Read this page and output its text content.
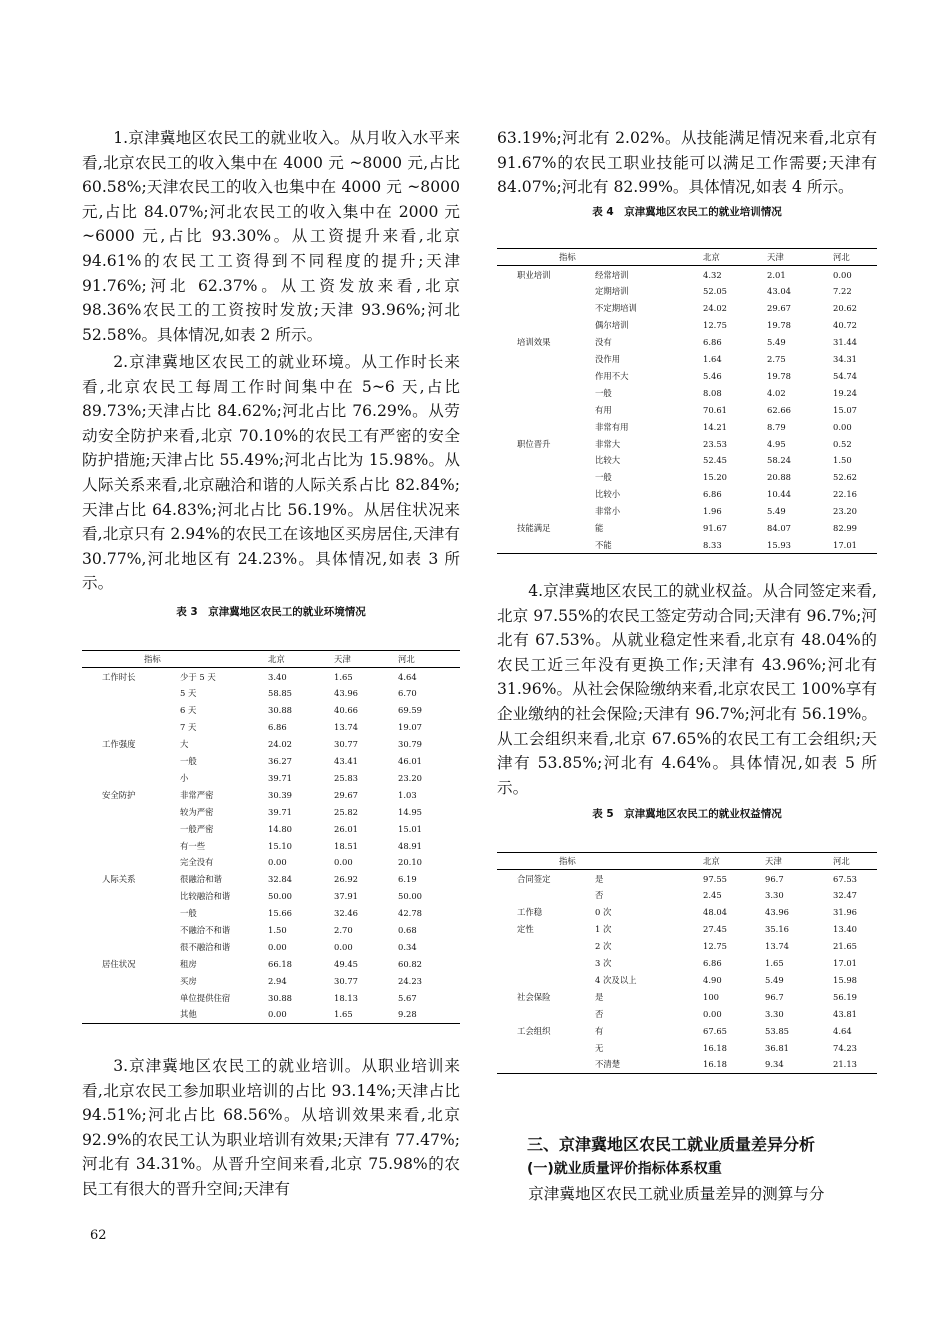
1.京津冀地区农民工的就业收入。从月收入水平来看,北京农民工的收入集中在 4000 元 ~8000 元,占比 60.58%;天津农民工的收入也集中在 4000 元 ~8000 元,占比 84.07%;河北农民工的收入集中在 2000 元 ~6000 元,占比 93.30%。从工资提升来看,北京 94.61%的农民工工资得到不同程度的提升;天津 91.76%;河北 62.37%。从工资发放来看,北京 98.36%农民工的工资按时发放;天津 93.96%;河北 52.58%。具体情况,如表 2 所示。

2.京津冀地区农民工的就业环境。从工作时长来看,北京农民工每周工作时间集中在 5~6 天,占比 89.73%;天津占比 84.62%;河北占比 76.29%。从劳动安全防护来看,北京 70.10%的农民工有严密的安全防护措施;天津占比 55.49%;河北占比为 15.98%。从人际关系来看,北京融洽和谐的人际关系占比 82.84%;天津占比 64.83%;河北占比 56.19%。从居住状况来看,北京只有 2.94%的农民工在该地区买房居住,天津有 30.77%,河北地区有 24.23%。具体情况,如表 3 所示。

表 3　京津冀地区农民工的就业环境情况

指标		北京	天津	河北
工作时长	少于 5 天	3.40	1.65	4.64
	5 天	58.85	43.96	6.70
	6 天	30.88	40.66	69.59
	7 天	6.86	13.74	19.07
工作强度	大	24.02	30.77	30.79
	一般	36.27	43.41	46.01
	小	39.71	25.83	23.20
安全防护	非常严密	30.39	29.67	1.03
	较为严密	39.71	25.82	14.95
	一般严密	14.80	26.01	15.01
	有一些	15.10	18.51	48.91
	完全没有	0.00	0.00	20.10
人际关系	很融洽和谐	32.84	26.92	6.19
	比较融洽和谐	50.00	37.91	50.00
	一般	15.66	32.46	42.78
	不融洽不和谐	1.50	2.70	0.68
	很不融洽和谐	0.00	0.00	0.34
居住状况	租房	66.18	49.45	60.82
	买房	2.94	30.77	24.23
	单位提供住宿	30.88	18.13	5.67
	其他	0.00	1.65	9.28

3.京津冀地区农民工的就业培训。从职业培训来看,北京农民工参加职业培训的占比 93.14%;天津占比 94.51%;河北占比 68.56%。从培训效果来看,北京 92.9%的农民工认为职业培训有效果;天津有 77.47%;河北有 34.31%。从晋升空间来看,北京 75.98%的农民工有很大的晋升空间;天津有

62

63.19%;河北有 2.02%。从技能满足情况来看,北京有 91.67%的农民工职业技能可以满足工作需要;天津有 84.07%;河北有 82.99%。具体情况,如表 4 所示。

表 4　京津冀地区农民工的就业培训情况

指标		北京	天津	河北
职业培训	经常培训	4.32	2.01	0.00
	定期培训	52.05	43.04	7.22
	不定期培训	24.02	29.67	20.62
	偶尔培训	12.75	19.78	40.72
培训效果	没有	6.86	5.49	31.44
	没作用	1.64	2.75	34.31
	作用不大	5.46	19.78	54.74
	一般	8.08	4.02	19.24
	有用	70.61	62.66	15.07
	非常有用	14.21	8.79	0.00
职位晋升	非常大	23.53	4.95	0.52
	比较大	52.45	58.24	1.50
	一般	15.20	20.88	52.62
	比较小	6.86	10.44	22.16
	非常小	1.96	5.49	23.20
技能满足	能	91.67	84.07	82.99
	不能	8.33	15.93	17.01

4.京津冀地区农民工的就业权益。从合同签定来看,北京 97.55%的农民工签定劳动合同;天津有 96.7%;河北有 67.53%。从就业稳定性来看,北京有 48.04%的农民工近三年没有更换工作;天津有 43.96%;河北有 31.96%。从社会保险缴纳来看,北京农民工 100%享有企业缴纳的社会保险;天津有 96.7%;河北有 56.19%。从工会组织来看,北京 67.65%的农民工有工会组织;天津有 53.85%;河北有 4.64%。具体情况,如表 5 所示。

表 5　京津冀地区农民工的就业权益情况

指标		北京	天津	河北
合同签定	是	97.55	96.7	67.53
	否	2.45	3.30	32.47
工作稳	0 次	48.04	43.96	31.96
定性	1 次	27.45	35.16	13.40
	2 次	12.75	13.74	21.65
	3 次	6.86	1.65	17.01
	4 次及以上	4.90	5.49	15.98
社会保险	是	100	96.7	56.19
	否	0.00	3.30	43.81
工会组织	有	67.65	53.85	4.64
	无	16.18	36.81	74.23
	不清楚	16.18	9.34	21.13
三、京津冀地区农民工就业质量差异分析
(一)就业质量评价指标体系权重

京津冀地区农民工就业质量差异的测算与分
